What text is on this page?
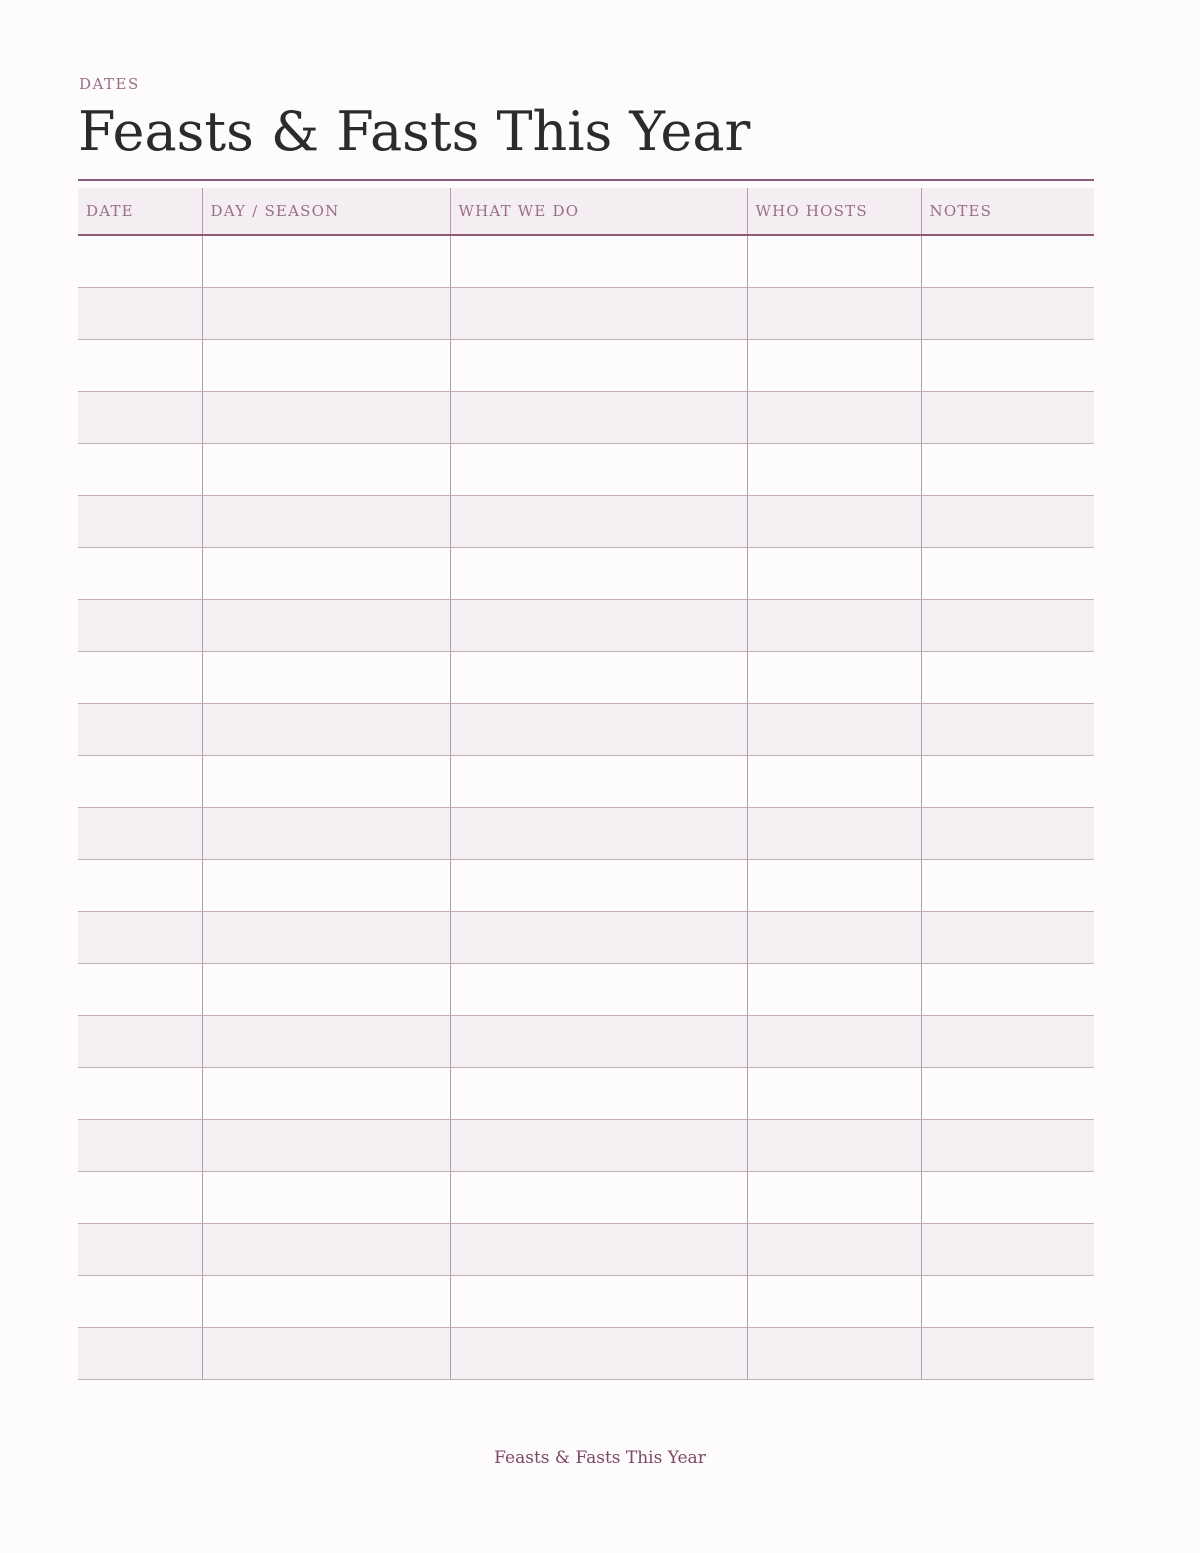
DATES
Feasts & Fasts This Year
DATE	DAY / SEASON	WHAT WE DO	WHO HOSTS	NOTES

Feasts & Fasts This Year
